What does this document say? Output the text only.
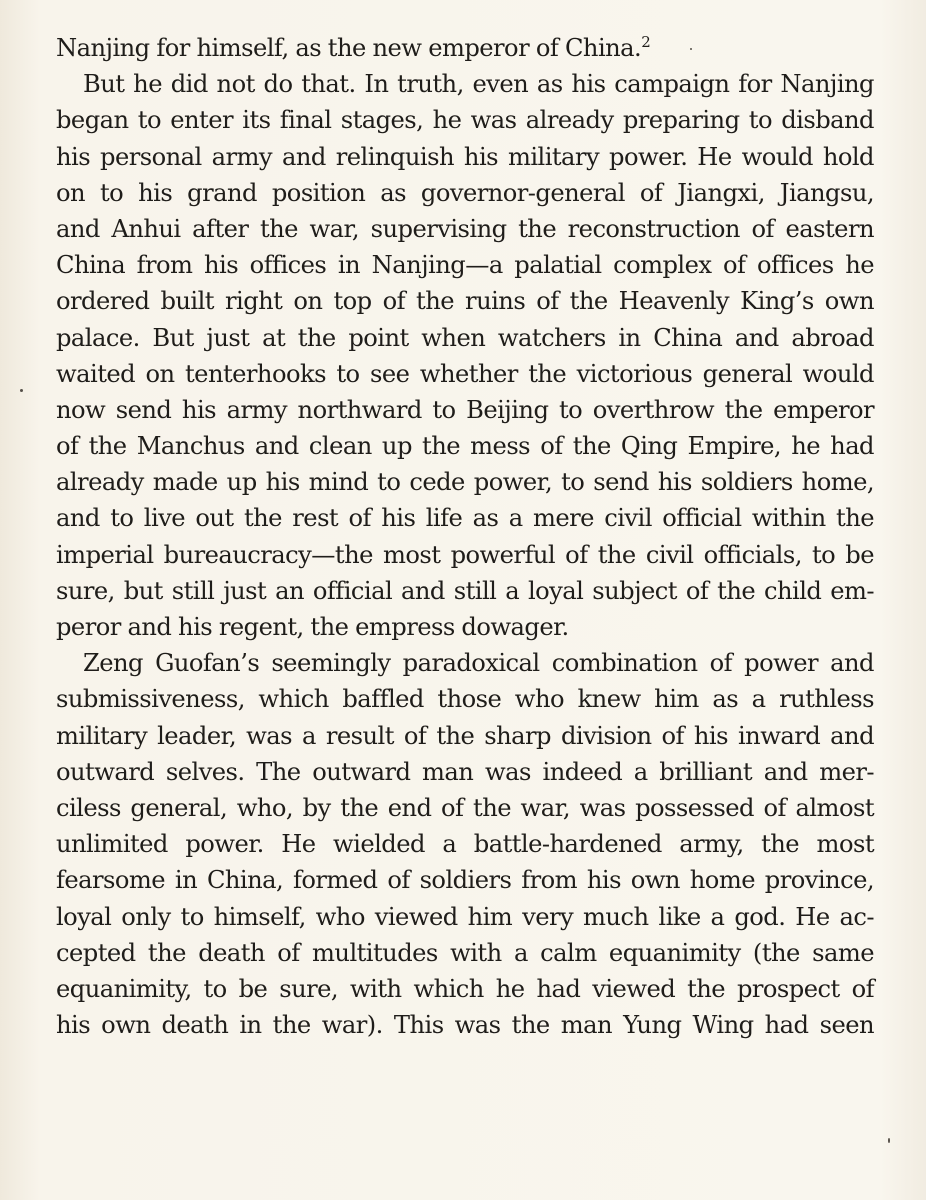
Nanjing for himself, as the new emperor of China.$^2$
But he did not do that. In truth, even as his campaign for Nanjing
began to enter its final stages, he was already preparing to disband
his personal army and relinquish his military power. He would hold
on to his grand position as governor-general of Jiangxi, Jiangsu,
and Anhui after the war, supervising the reconstruction of eastern
China from his offices in Nanjing—a palatial complex of offices he
ordered built right on top of the ruins of the Heavenly King’s own
palace. But just at the point when watchers in China and abroad
waited on tenterhooks to see whether the victorious general would
now send his army northward to Beijing to overthrow the emperor
of the Manchus and clean up the mess of the Qing Empire, he had
already made up his mind to cede power, to send his soldiers home,
and to live out the rest of his life as a mere civil official within the
imperial bureaucracy—the most powerful of the civil officials, to be
sure, but still just an official and still a loyal subject of the child em-
peror and his regent, the empress dowager.
Zeng Guofan’s seemingly paradoxical combination of power and
submissiveness, which baffled those who knew him as a ruthless
military leader, was a result of the sharp division of his inward and
outward selves. The outward man was indeed a brilliant and mer-
ciless general, who, by the end of the war, was possessed of almost
unlimited power. He wielded a battle-hardened army, the most
fearsome in China, formed of soldiers from his own home province,
loyal only to himself, who viewed him very much like a god. He ac-
cepted the death of multitudes with a calm equanimity (the same
equanimity, to be sure, with which he had viewed the prospect of
his own death in the war). This was the man Yung Wing had seen
